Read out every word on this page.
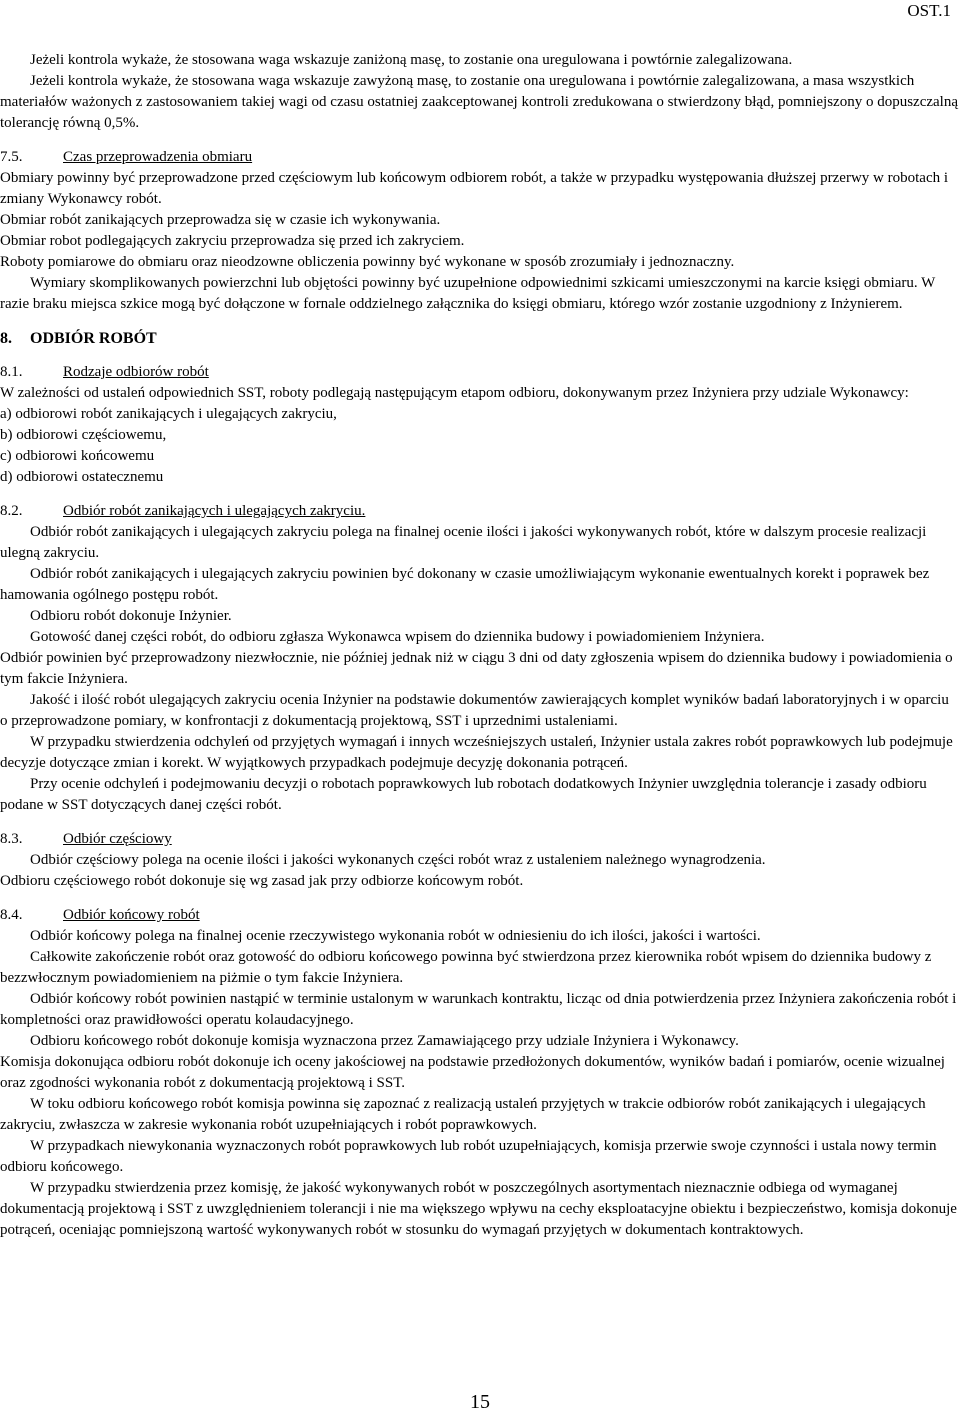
OST.1

Jeżeli kontrola wykaże, że stosowana waga wskazuje zaniżoną masę, to zostanie ona uregulowana i powtórnie zalegalizowana.

Jeżeli kontrola wykaże, że stosowana waga wskazuje zawyżoną masę, to zostanie ona uregulowana i powtórnie zalegalizowana, a masa wszystkich materiałów ważonych z zastosowaniem takiej wagi od czasu ostatniej zaakceptowanej kontroli zredukowana o stwierdzony błąd, pomniejszony o dopuszczalną tolerancję równą 0,5%.

7.5.	Czas przeprowadzenia obmiaru

Obmiary powinny być przeprowadzone przed częściowym lub końcowym odbiorem robót, a także w przypadku występowania dłuższej przerwy w robotach i zmiany Wykonawcy robót.

Obmiar robót zanikających przeprowadza się w czasie ich wykonywania.

Obmiar robot podlegających zakryciu przeprowadza się przed ich zakryciem.

Roboty pomiarowe do obmiaru oraz nieodzowne obliczenia powinny być wykonane w sposób zrozumiały i jednoznaczny.

Wymiary skomplikowanych powierzchni lub objętości powinny być uzupełnione odpowiednimi szkicami umieszczonymi na karcie księgi obmiaru. W razie braku miejsca szkice mogą być dołączone w fornale oddzielnego załącznika do księgi obmiaru, którego wzór zostanie uzgodniony z Inżynierem.

8. ODBIÓR ROBÓT

8.1.	Rodzaje odbiorów robót

W zależności od ustaleń odpowiednich SST, roboty podlegają następującym etapom odbioru, dokonywanym przez Inżyniera przy udziale Wykonawcy:

a) odbiorowi robót zanikających i ulegających zakryciu,

b) odbiorowi częściowemu,

c) odbiorowi końcowemu

d) odbiorowi ostatecznemu

8.2.	Odbiór robót zanikających i ulegających zakryciu.

Odbiór robót zanikających i ulegających zakryciu polega na finalnej ocenie ilości i jakości wykonywanych robót, które w dalszym procesie realizacji ulegną zakryciu.

Odbiór robót zanikających i ulegających zakryciu powinien być dokonany w czasie umożliwiającym wykonanie ewentualnych korekt i poprawek bez hamowania ogólnego postępu robót.

Odbioru robót dokonuje Inżynier.

Gotowość danej części robót, do odbioru zgłasza Wykonawca wpisem do dziennika budowy i powiadomieniem Inżyniera.

Odbiór powinien być przeprowadzony niezwłocznie, nie później jednak niż w ciągu 3 dni od daty zgłoszenia wpisem do dziennika budowy i powiadomienia o tym fakcie Inżyniera.

Jakość i ilość robót ulegających zakryciu ocenia Inżynier na podstawie dokumentów zawierających komplet wyników badań laboratoryjnych i w oparciu o przeprowadzone pomiary, w konfrontacji z dokumentacją projektową, SST i uprzednimi ustaleniami.

W przypadku stwierdzenia odchyleń od przyjętych wymagań i innych wcześniejszych ustaleń, Inżynier ustala zakres robót poprawkowych lub podejmuje decyzje dotyczące zmian i korekt. W wyjątkowych przypadkach podejmuje decyzję dokonania potrąceń.

Przy ocenie odchyleń i podejmowaniu decyzji o robotach poprawkowych lub robotach dodatkowych Inżynier uwzględnia tolerancje i zasady odbioru podane w SST dotyczących danej części robót.

8.3.	Odbiór częściowy

Odbiór częściowy polega na ocenie ilości i jakości wykonanych części robót wraz z ustaleniem należnego wynagrodzenia.

Odbioru częściowego robót dokonuje się wg zasad jak przy odbiorze końcowym robót.

8.4.	Odbiór końcowy robót

Odbiór końcowy polega na finalnej ocenie rzeczywistego wykonania robót w odniesieniu do ich ilości, jakości i wartości.

Całkowite zakończenie robót oraz gotowość do odbioru końcowego powinna być stwierdzona przez kierownika robót wpisem do dziennika budowy z bezzwłocznym powiadomieniem na piżmie o tym fakcie Inżyniera.

Odbiór końcowy robót powinien nastąpić w terminie ustalonym w warunkach kontraktu, licząc od dnia potwierdzenia przez Inżyniera zakończenia robót i kompletności oraz prawidłowości operatu kolaudacyjnego.

Odbioru końcowego robót dokonuje komisja wyznaczona przez Zamawiającego przy udziale Inżyniera i Wykonawcy.

Komisja dokonująca odbioru robót dokonuje ich oceny jakościowej na podstawie przedłożonych dokumentów, wyników badań i pomiarów, ocenie wizualnej oraz zgodności wykonania robót z dokumentacją projektową i SST.

W toku odbioru końcowego robót komisja powinna się zapoznać z realizacją ustaleń przyjętych w trakcie odbiorów robót zanikających i ulegających zakryciu, zwłaszcza w zakresie wykonania robót uzupełniających i robót poprawkowych.

W przypadkach niewykonania wyznaczonych robót poprawkowych lub robót uzupełniających, komisja przerwie swoje czynności i ustala nowy termin odbioru końcowego.

W przypadku stwierdzenia przez komisję, że jakość wykonywanych robót w poszczególnych asortymentach nieznacznie odbiega od wymaganej dokumentacją projektową i SST z uwzględnieniem tolerancji i nie ma większego wpływu na cechy eksploatacyjne obiektu i bezpieczeństwo, komisja dokonuje potrąceń, oceniając pomniejszoną wartość wykonywanych robót w stosunku do wymagań przyjętych w dokumentach kontraktowych.

15
